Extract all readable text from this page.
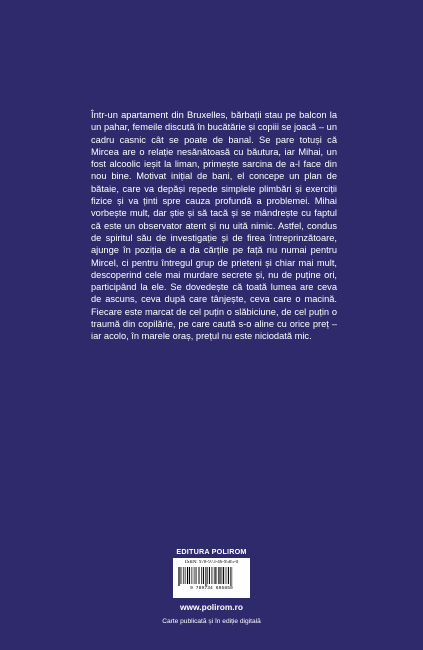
Într-un apartament din Bruxelles, bărbații stau pe balcon la un pahar, femeile discută în bucătărie și copiii se joacă – un cadru casnic cât se poate de banal. Se pare totuși că Mircea are o relație nesănătoasă cu băutura, iar Mihai, un fost alcoolic ieșit la liman, primește sarcina de a-l face din nou bine. Motivat inițial de bani, el concepe un plan de bătaie, care va depăși repede simplele plimbări și exerciții fizice și va ținti spre cauza profundă a problemei. Mihai vorbește mult, dar știe și să tacă și se mândrește cu faptul că este un observator atent și nu uită nimic. Astfel, condus de spiritul său de investigație și de firea întreprinzătoare, ajunge în poziția de a da cărțile pe față nu numai pentru Mircel, ci pentru întregul grup de prieteni și chiar mai mult, descoperind cele mai murdare secrete și, nu de puține ori, participând la ele. Se dovedește că toată lumea are ceva de ascuns, ceva după care tânjește, ceva care o macină. Fiecare este marcat de cel puțin o slăbiciune, de cel puțin o traumă din copilărie, pe care caută s-o aline cu orice preț – iar acolo, în marele oraș, prețul nu este niciodată mic.

EDITURA POLIROM
ISBN: 978-973-46-9585-0
9 789734 695850
www.polirom.ro
Carte publicată și în ediție digitală
